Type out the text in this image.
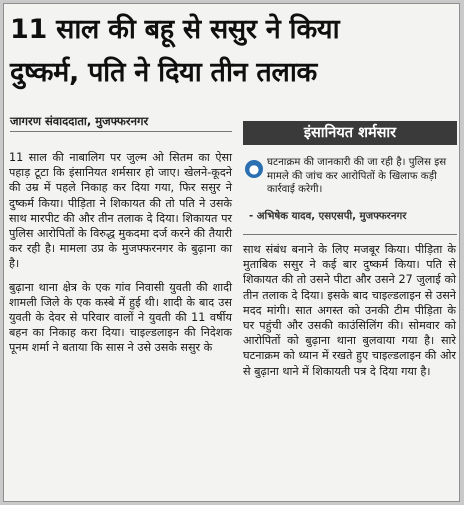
11 साल की बहू से ससुर ने किया
दुष्कर्म, पति ने दिया तीन तलाक
जागरण संवाददाता, मुजफ्फरनगर

11 साल की नाबालिग पर जुल्म ओ सितम का ऐसा पहाड़ टूटा कि इंसानियत शर्मसार हो जाए। खेलने-कूदने की उम्र में पहले निकाह कर दिया गया, फिर ससुर ने दुष्कर्म किया। पीड़िता ने शिकायत की तो पति ने उसके साथ मारपीट की और तीन तलाक दे दिया। शिकायत पर पुलिस आरोपितों के विरुद्ध मुकदमा दर्ज करने की तैयारी कर रही है। मामला उप्र के मुजफ्फरनगर के बुढ़ाना का है।

बुढ़ाना थाना क्षेत्र के एक गांव निवासी युवती की शादी शामली जिले के एक कस्बे में हुई थी। शादी के बाद उस युवती के देवर से परिवार वालों ने युवती की 11 वर्षीय बहन का निकाह करा दिया। चाइल्डलाइन की निदेशक पूनम शर्मा ने बताया कि सास ने उसे उसके ससुर के

इंसानियत शर्मसार
● घटनाक्रम की जानकारी की जा रही है। पुलिस इस मामले की जांच कर आरोपितों के खिलाफ कड़ी कार्रवाई करेगी।
- अभिषेक यादव, एसएसपी, मुजफ्फरनगर

साथ संबंध बनाने के लिए मजबूर किया। पीड़िता के मुताबिक ससुर ने कई बार दुष्कर्म किया। पति से शिकायत की तो उसने पीटा और उसने 27 जुलाई को तीन तलाक दे दिया। इसके बाद चाइल्डलाइन से उसने मदद मांगी। सात अगस्त को उनकी टीम पीड़िता के घर पहुंची और उसकी काउंसिलिंग की। सोमवार को आरोपितों को बुढ़ाना थाना बुलवाया गया है। सारे घटनाक्रम को ध्यान में रखते हुए चाइल्डलाइन की ओर से बुढ़ाना थाने में शिकायती पत्र दे दिया गया है।
